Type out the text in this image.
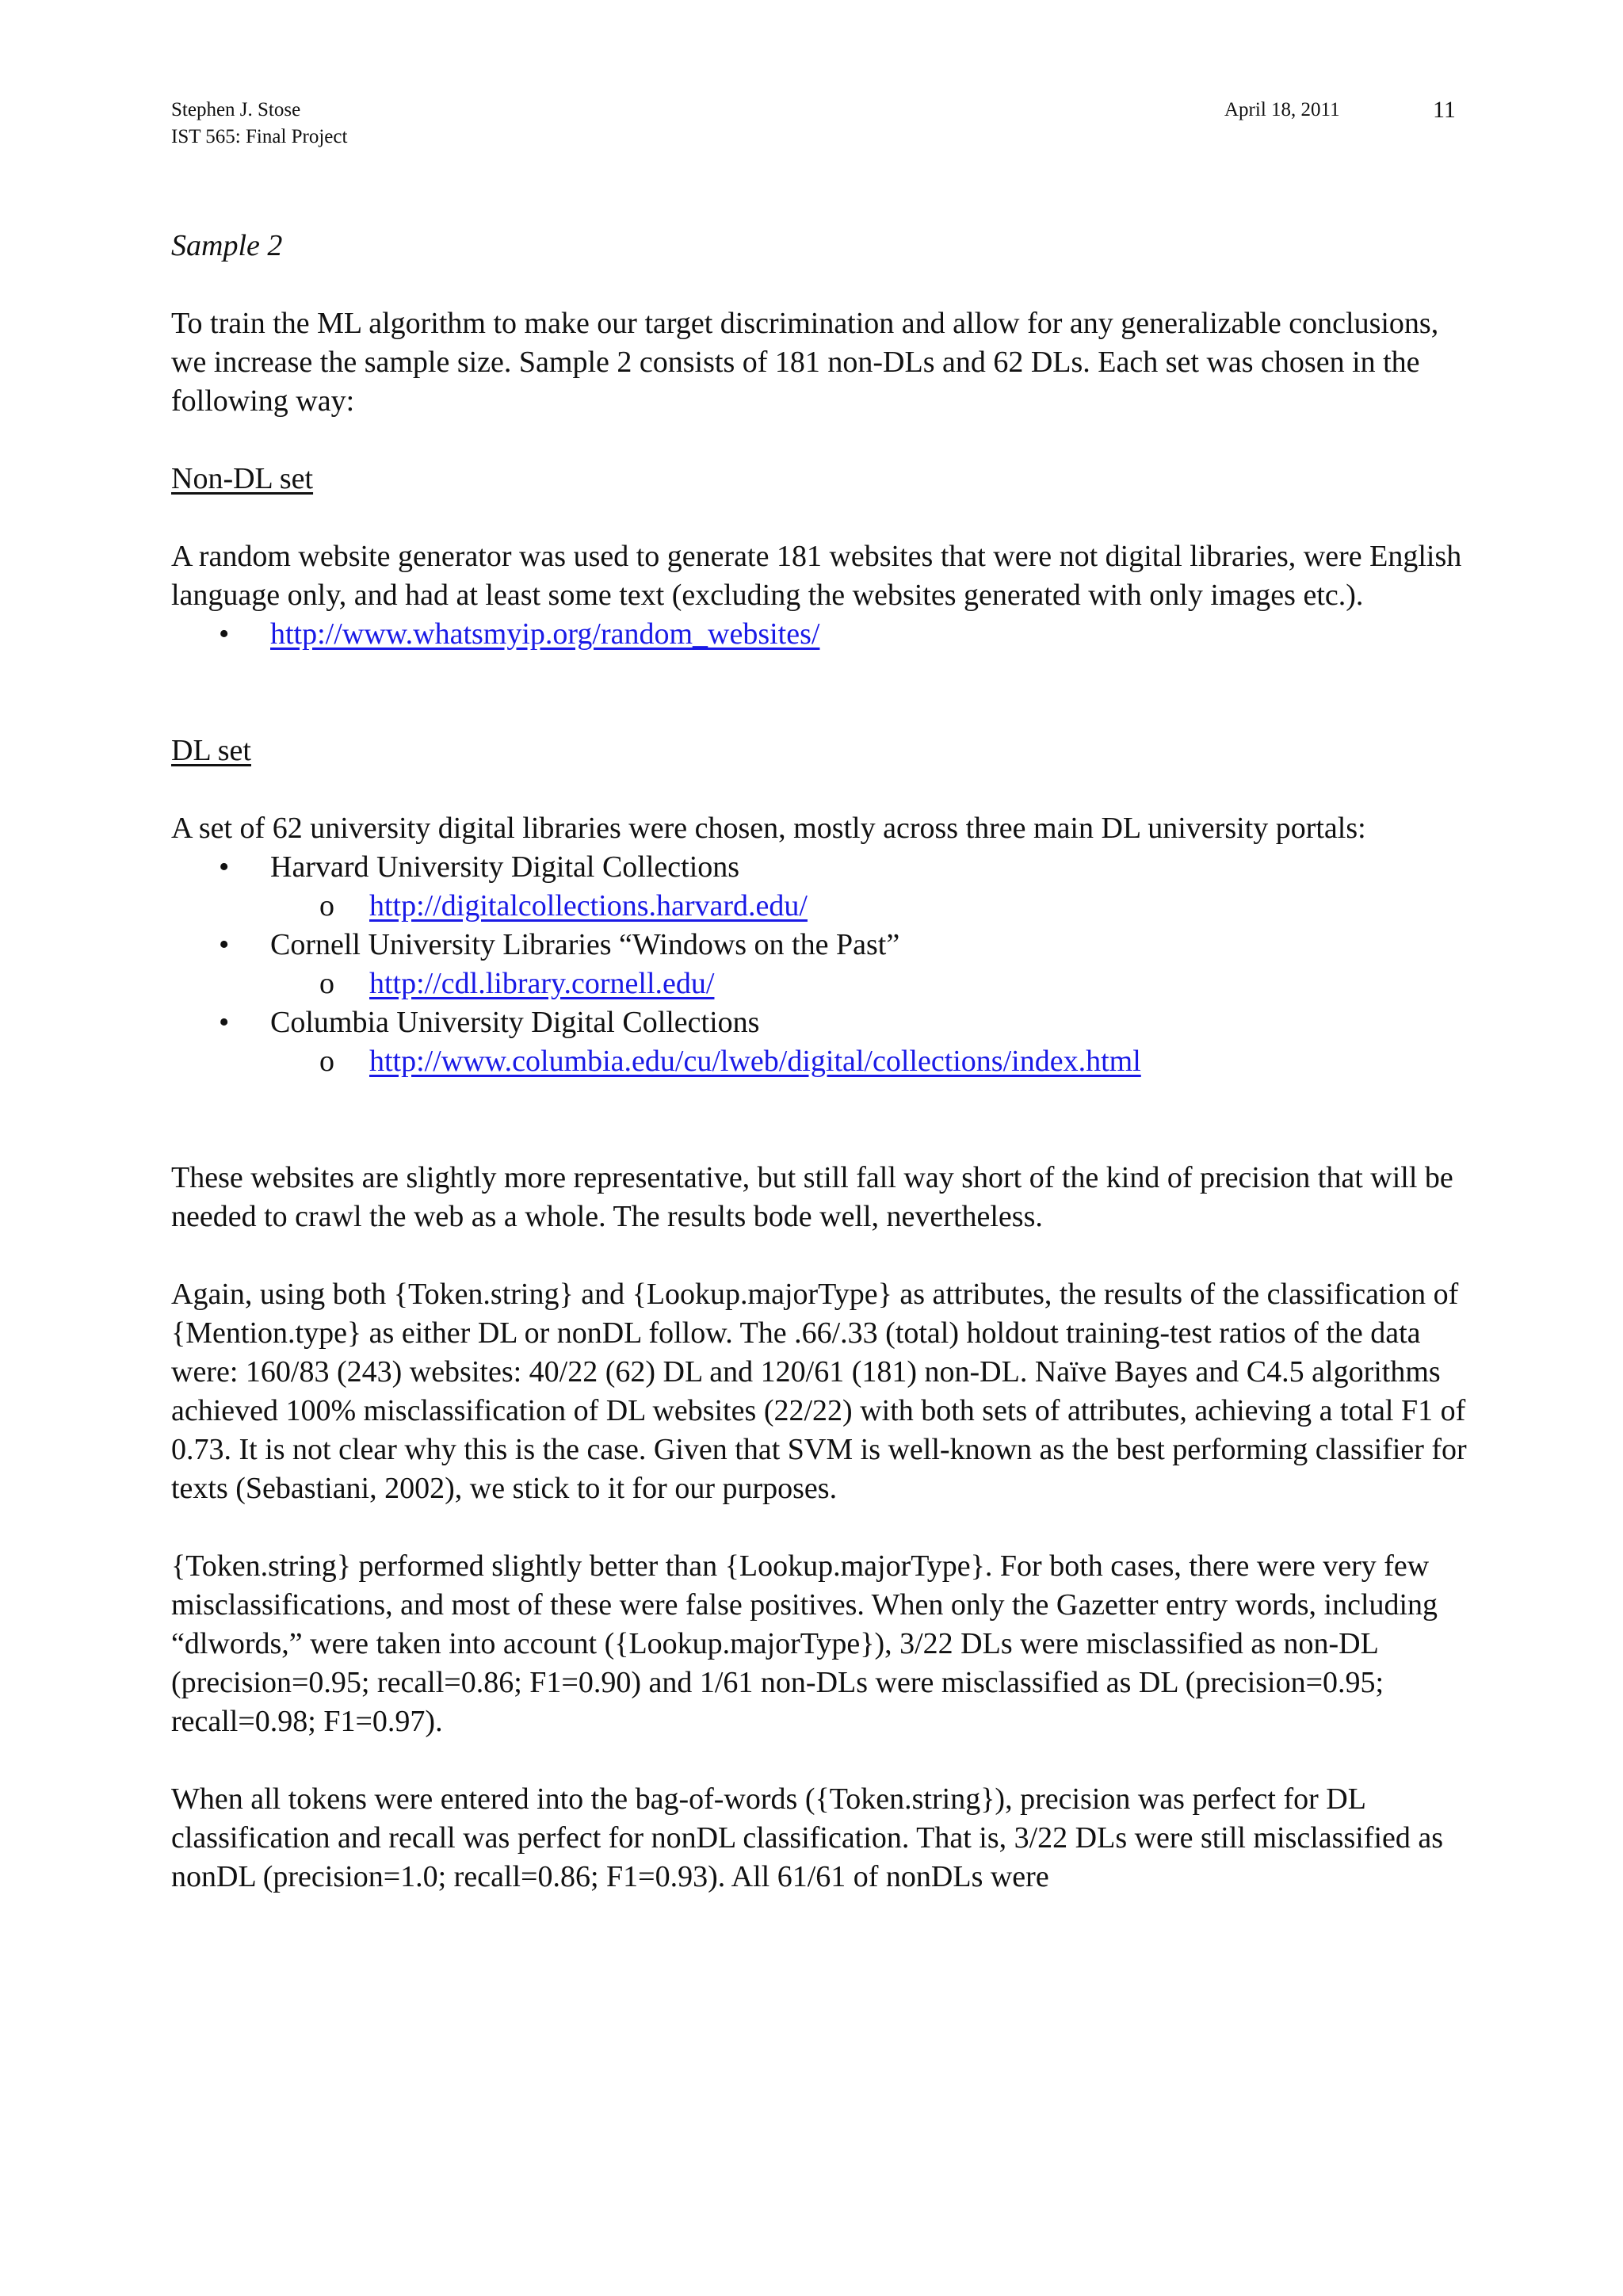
Stephen J. Stose
IST 565: Final Project
April 18, 2011	11

Sample 2

To train the ML algorithm to make our target discrimination and allow for any generalizable conclusions, we increase the sample size. Sample 2 consists of 181 non-DLs and 62 DLs. Each set was chosen in the following way:

Non-DL set

A random website generator was used to generate 181 websites that were not digital libraries, were English language only, and had at least some text (excluding the websites generated with only images etc.).

• http://www.whatsmyip.org/random_websites/

DL set

A set of 62 university digital libraries were chosen, mostly across three main DL university portals:

• Harvard University Digital Collections
o http://digitalcollections.harvard.edu/
• Cornell University Libraries “Windows on the Past”
o http://cdl.library.cornell.edu/
• Columbia University Digital Collections
o http://www.columbia.edu/cu/lweb/digital/collections/index.html

These websites are slightly more representative, but still fall way short of the kind of precision that will be needed to crawl the web as a whole. The results bode well, nevertheless.

Again, using both {Token.string} and {Lookup.majorType} as attributes, the results of the classification of {Mention.type} as either DL or nonDL follow. The .66/.33 (total) holdout training-test ratios of the data were: 160/83 (243) websites: 40/22 (62) DL and 120/61 (181) non-DL. Naïve Bayes and C4.5 algorithms achieved 100% misclassification of DL websites (22/22) with both sets of attributes, achieving a total F1 of 0.73. It is not clear why this is the case. Given that SVM is well-known as the best performing classifier for texts (Sebastiani, 2002), we stick to it for our purposes.

{Token.string} performed slightly better than {Lookup.majorType}. For both cases, there were very few misclassifications, and most of these were false positives. When only the Gazetter entry words, including “dlwords,” were taken into account ({Lookup.majorType}), 3/22 DLs were misclassified as non-DL (precision=0.95; recall=0.86; F1=0.90) and 1/61 non-DLs were misclassified as DL (precision=0.95; recall=0.98; F1=0.97).

When all tokens were entered into the bag-of-words ({Token.string}), precision was perfect for DL classification and recall was perfect for nonDL classification. That is, 3/22 DLs were still misclassified as nonDL (precision=1.0; recall=0.86; F1=0.93). All 61/61 of nonDLs were
